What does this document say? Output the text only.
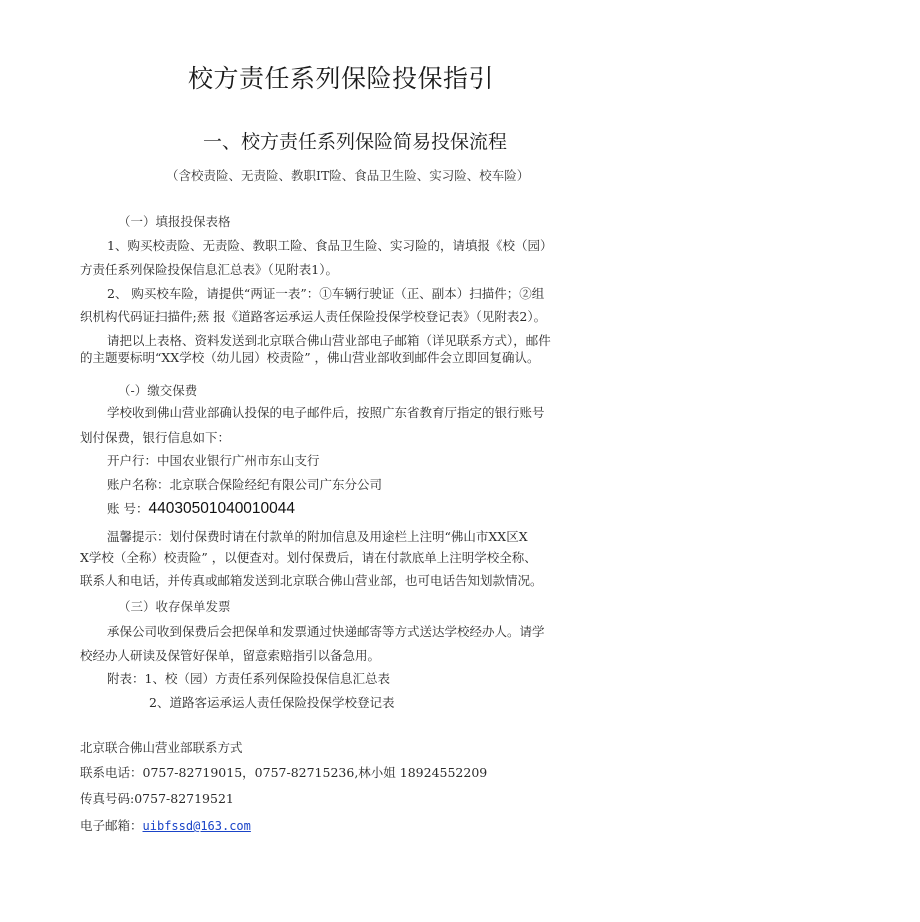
校方责任系列保险投保指引
一、校方责任系列保险简易投保流程
（含校责险、无责险、教职IT险、食品卫生险、实习险、校车险）
（一）填报投保表格
1、购买校责险、无责险、教职工险、食品卫生险、实习险的，请填报《校（园）
方责任系列保险投保信息汇总表》（见附表1）。
2、 购买校车险，请提供“两证一表”：①车辆行驶证（正、副本）扫描件；②组
织机构代码证扫描件;䔳 报《道路客运承运人责任保险投保学校登记表》（见附表2）。
请把以上表格、资料发送到北京联合佛山营业部电子邮箱（详见联系方式），邮件
的主题要标明“XX学校（幼儿园）校责险” ，佛山营业部收到邮件会立即回复确认。
（-）缴交保费
学校收到佛山营业部确认投保的电子邮件后，按照广东省教育厅指定的银行账号
划付保费，银行信息如下：
开户行：中国农业银行广州市东山支行
账户名称：北京联合保险经纪有限公司广东分公司
账 号：44030501040010044
温馨提示：划付保费时请在付款单的附加信息及用途栏上注明“佛山市XX区X
X学校（全称）校责险” ，以便查对。划付保费后，请在付款底单上注明学校全称、
联系人和电话，并传真或邮箱发送到北京联合佛山营业部，也可电话告知划款情况。
（三）收存保单发票
承保公司收到保费后会把保单和发票通过快递邮寄等方式送达学校经办人。请学
校经办人研读及保管好保单，留意索赔指引以备急用。
附表：1、校（园）方责任系列保险投保信息汇总表
2、道路客运承运人责任保险投保学校登记表
北京联合佛山营业部联系方式
联系电话：0757-82719015，0757-82715236,林小姐 18924552209
传真号码:0757-82719521
电子邮箱：uibfssd@163.com
